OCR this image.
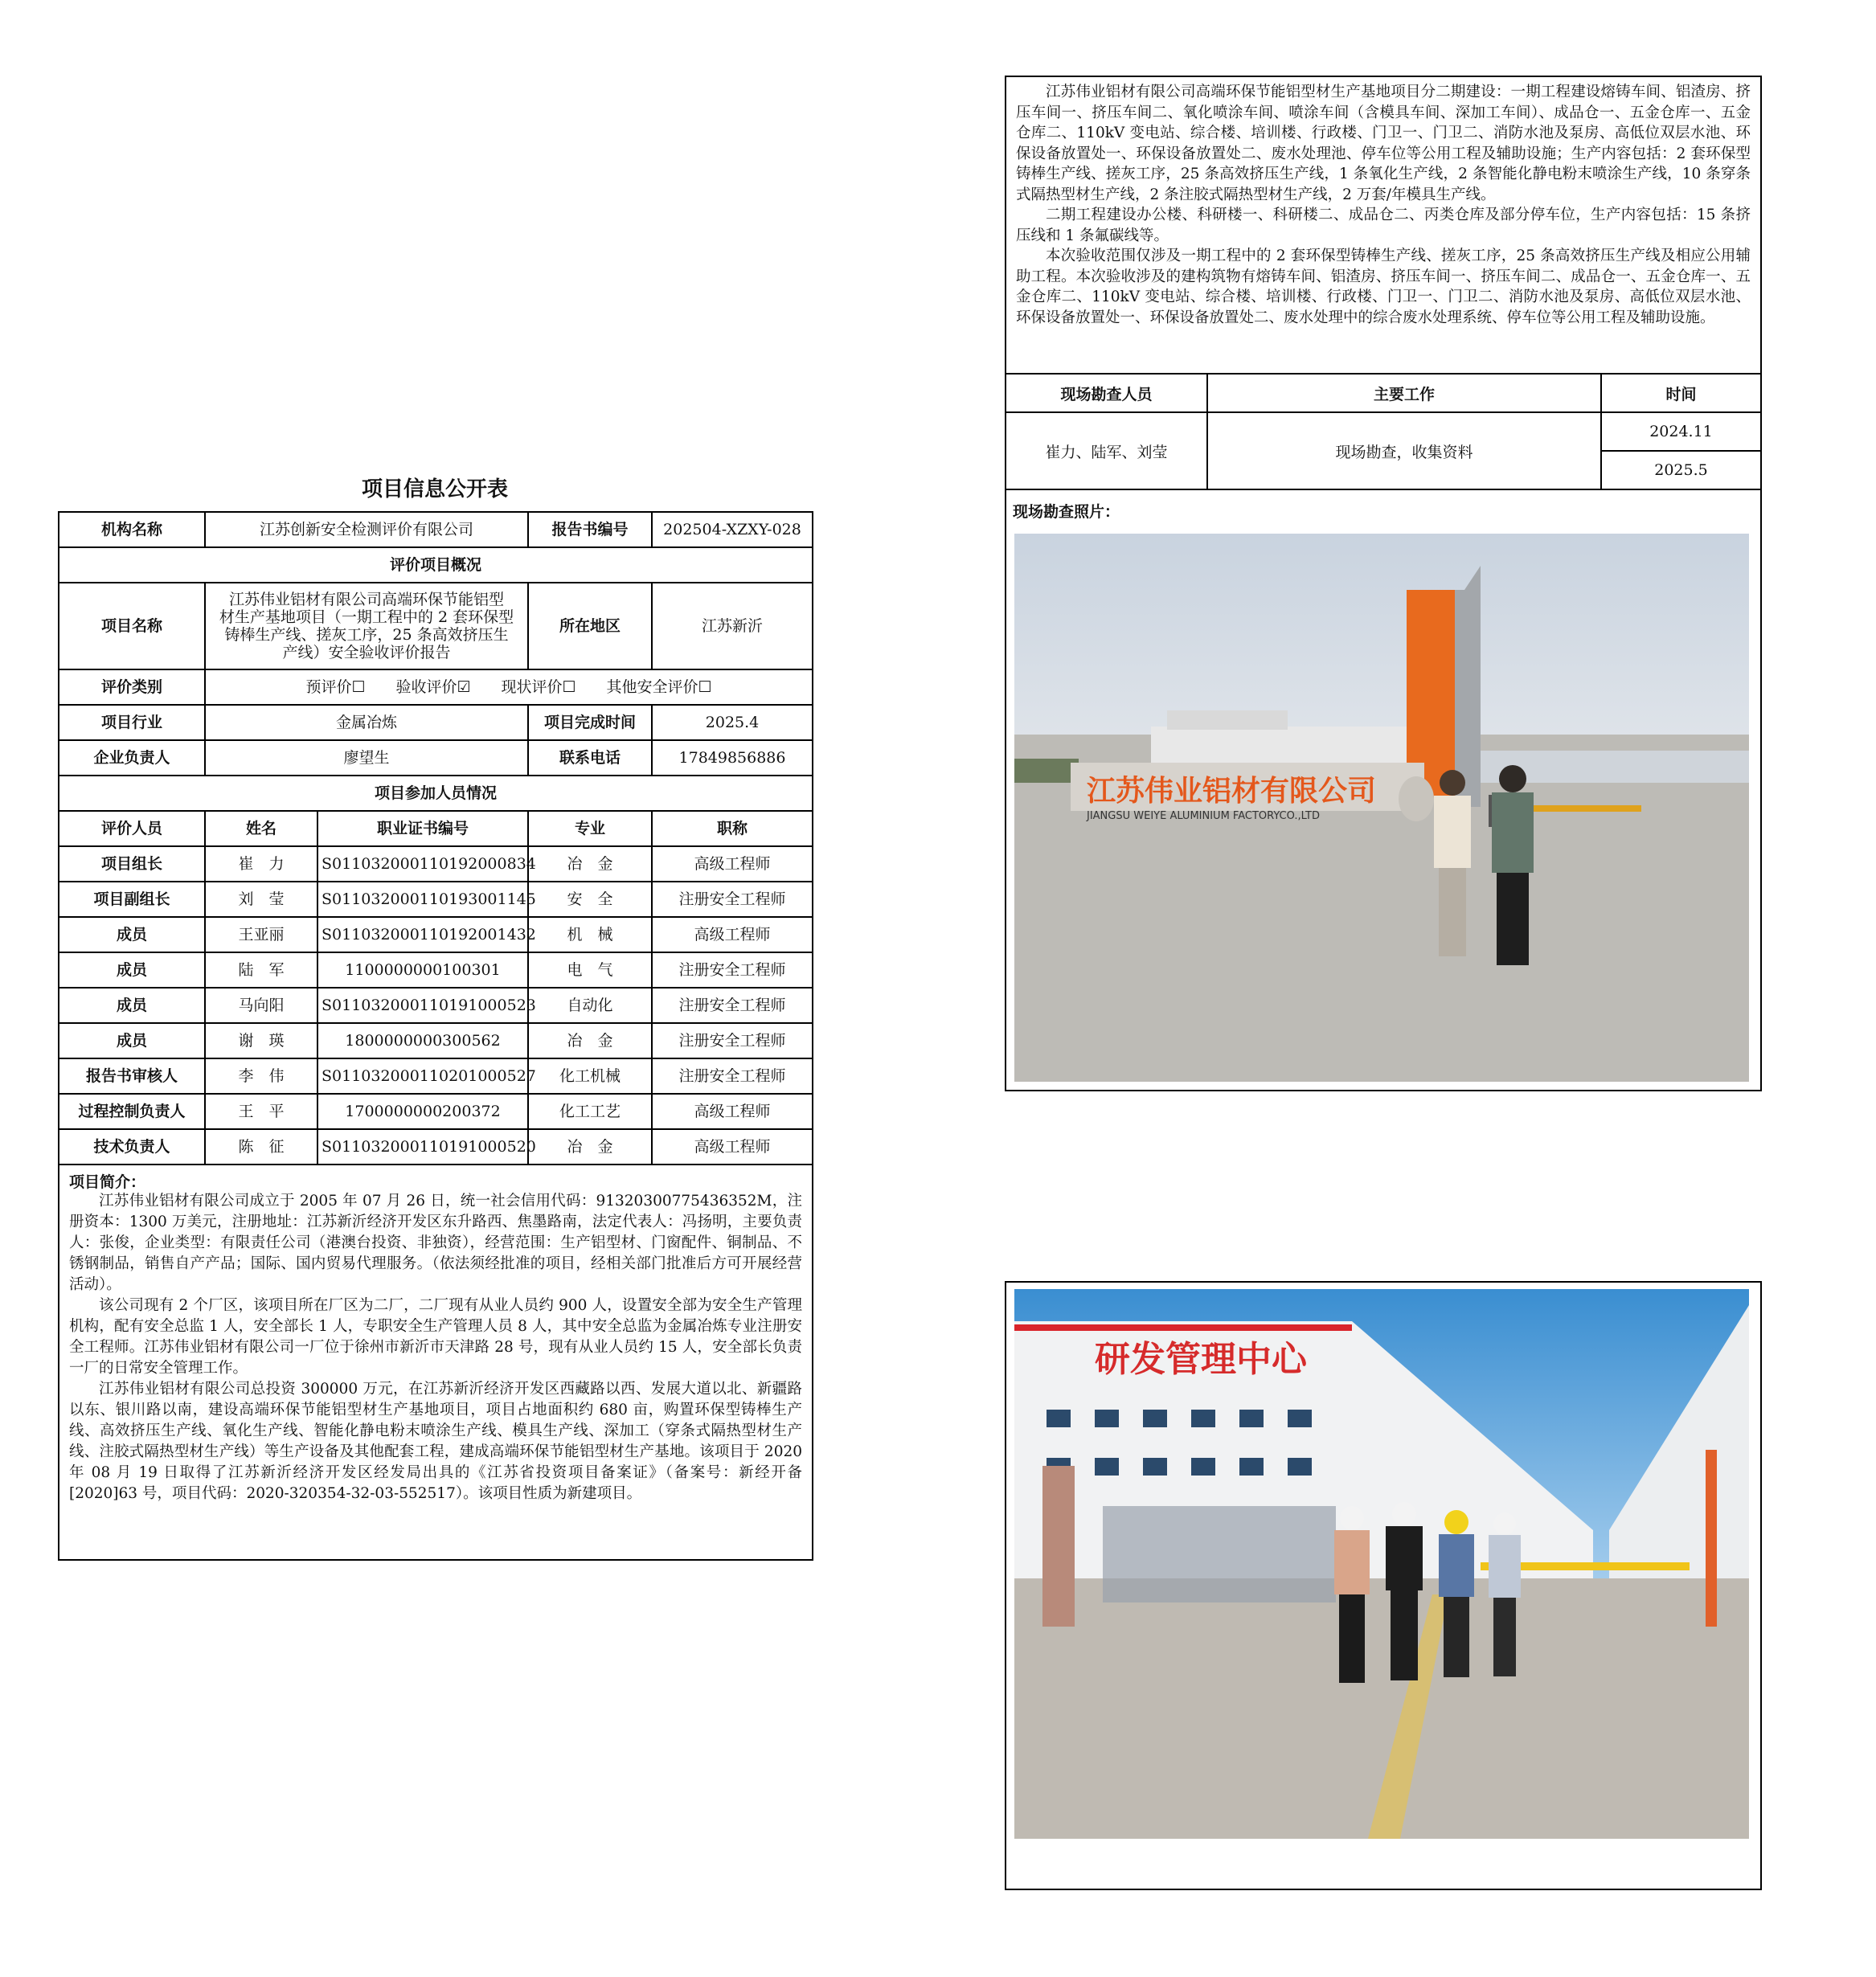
项目信息公开表
机构名称	江苏创新安全检测评价有限公司		报告书编号	202504-XZXY-028
评价项目概况				
项目名称	江苏伟业铝材有限公司高端环保节能铝型
材生产基地项目（一期工程中的 2 套环保型
铸棒生产线、搓灰工序，25 条高效挤压生
产线）安全验收评价报告		所在地区	江苏新沂
评价类别	预评价☐　　验收评价☑　　现状评价☐　　其他安全评价☐			
项目行业	金属冶炼		项目完成时间	2025.4
企业负责人	廖望生		联系电话	17849856886
项目参加人员情况				
评价人员	姓名	职业证书编号	专业	职称
项目组长	崔　力	S011032000110192000834	冶　金	高级工程师
项目副组长	刘　莹	S011032000110193001145	安　全	注册安全工程师
成员	王亚丽	S011032000110192001432	机　械	高级工程师
成员	陆　军	1100000000100301	电　气	注册安全工程师
成员	马向阳	S011032000110191000523	自动化	注册安全工程师
成员	谢　瑛	1800000000300562	冶　金	注册安全工程师
报告书审核人	李　伟	S011032000110201000527	化工机械	注册安全工程师
过程控制负责人	王　平	1700000000200372	化工工艺	高级工程师
技术负责人	陈　征	S011032000110191000520	冶　金	高级工程师

项目简介：

江苏伟业铝材有限公司成立于 2005 年 07 月 26 日，统一社会信用代码：91320300775436352M，注册资本：1300 万美元，注册地址：江苏新沂经济开发区东升路西、焦墨路南，法定代表人：冯扬明，主要负责人：张俊，企业类型：有限责任公司（港澳台投资、非独资），经营范围：生产铝型材、门窗配件、铜制品、不锈钢制品，销售自产产品；国际、国内贸易代理服务。（依法须经批准的项目，经相关部门批准后方可开展经营活动）。

该公司现有 2 个厂区，该项目所在厂区为二厂，二厂现有从业人员约 900 人，设置安全部为安全生产管理机构，配有安全总监 1 人，安全部长 1 人，专职安全生产管理人员 8 人，其中安全总监为金属冶炼专业注册安全工程师。江苏伟业铝材有限公司一厂位于徐州市新沂市天津路 28 号，现有从业人员约 15 人，安全部长负责一厂的日常安全管理工作。

江苏伟业铝材有限公司总投资 300000 万元，在江苏新沂经济开发区西藏路以西、发展大道以北、新疆路以东、银川路以南，建设高端环保节能铝型材生产基地项目，项目占地面积约 680 亩，购置环保型铸棒生产线、高效挤压生产线、氧化生产线、智能化静电粉末喷涂生产线、模具生产线、深加工（穿条式隔热型材生产线、注胶式隔热型材生产线）等生产设备及其他配套工程，建成高端环保节能铝型材生产基地。该项目于 2020 年 08 月 19 日取得了江苏新沂经济开发区经发局出具的《江苏省投资项目备案证》（备案号：新经开备[2020]63 号，项目代码：2020-320354-32-03-552517）。该项目性质为新建项目。				

江苏伟业铝材有限公司高端环保节能铝型材生产基地项目分二期建设：一期工程建设熔铸车间、铝渣房、挤压车间一、挤压车间二、氧化喷涂车间、喷涂车间（含模具车间、深加工车间）、成品仓一、五金仓库一、五金仓库二、110kV 变电站、综合楼、培训楼、行政楼、门卫一、门卫二、消防水池及泵房、高低位双层水池、环保设备放置处一、环保设备放置处二、废水处理池、停车位等公用工程及辅助设施；生产内容包括：2 套环保型铸棒生产线、搓灰工序，25 条高效挤压生产线，1 条氧化生产线，2 条智能化静电粉末喷涂生产线，10 条穿条式隔热型材生产线，2 条注胶式隔热型材生产线，2 万套/年模具生产线。

二期工程建设办公楼、科研楼一、科研楼二、成品仓二、丙类仓库及部分停车位，生产内容包括：15 条挤压线和 1 条氟碳线等。

本次验收范围仅涉及一期工程中的 2 套环保型铸棒生产线、搓灰工序，25 条高效挤压生产线及相应公用辅助工程。本次验收涉及的建构筑物有熔铸车间、铝渣房、挤压车间一、挤压车间二、成品仓一、五金仓库一、五金仓库二、110kV 变电站、综合楼、培训楼、行政楼、门卫一、门卫二、消防水池及泵房、高低位双层水池、环保设备放置处一、环保设备放置处二、废水处理中的综合废水处理系统、停车位等公用工程及辅助设施。

现场勘查人员	主要工作	时间
崔力、陆军、刘莹	现场勘查，收集资料	2024.11
		2025.5
现场勘查照片：
江苏伟业铝材有限公司
JIANGSU WEIYE ALUMINIUM FACTORYCO.,LTD
研发管理中心
